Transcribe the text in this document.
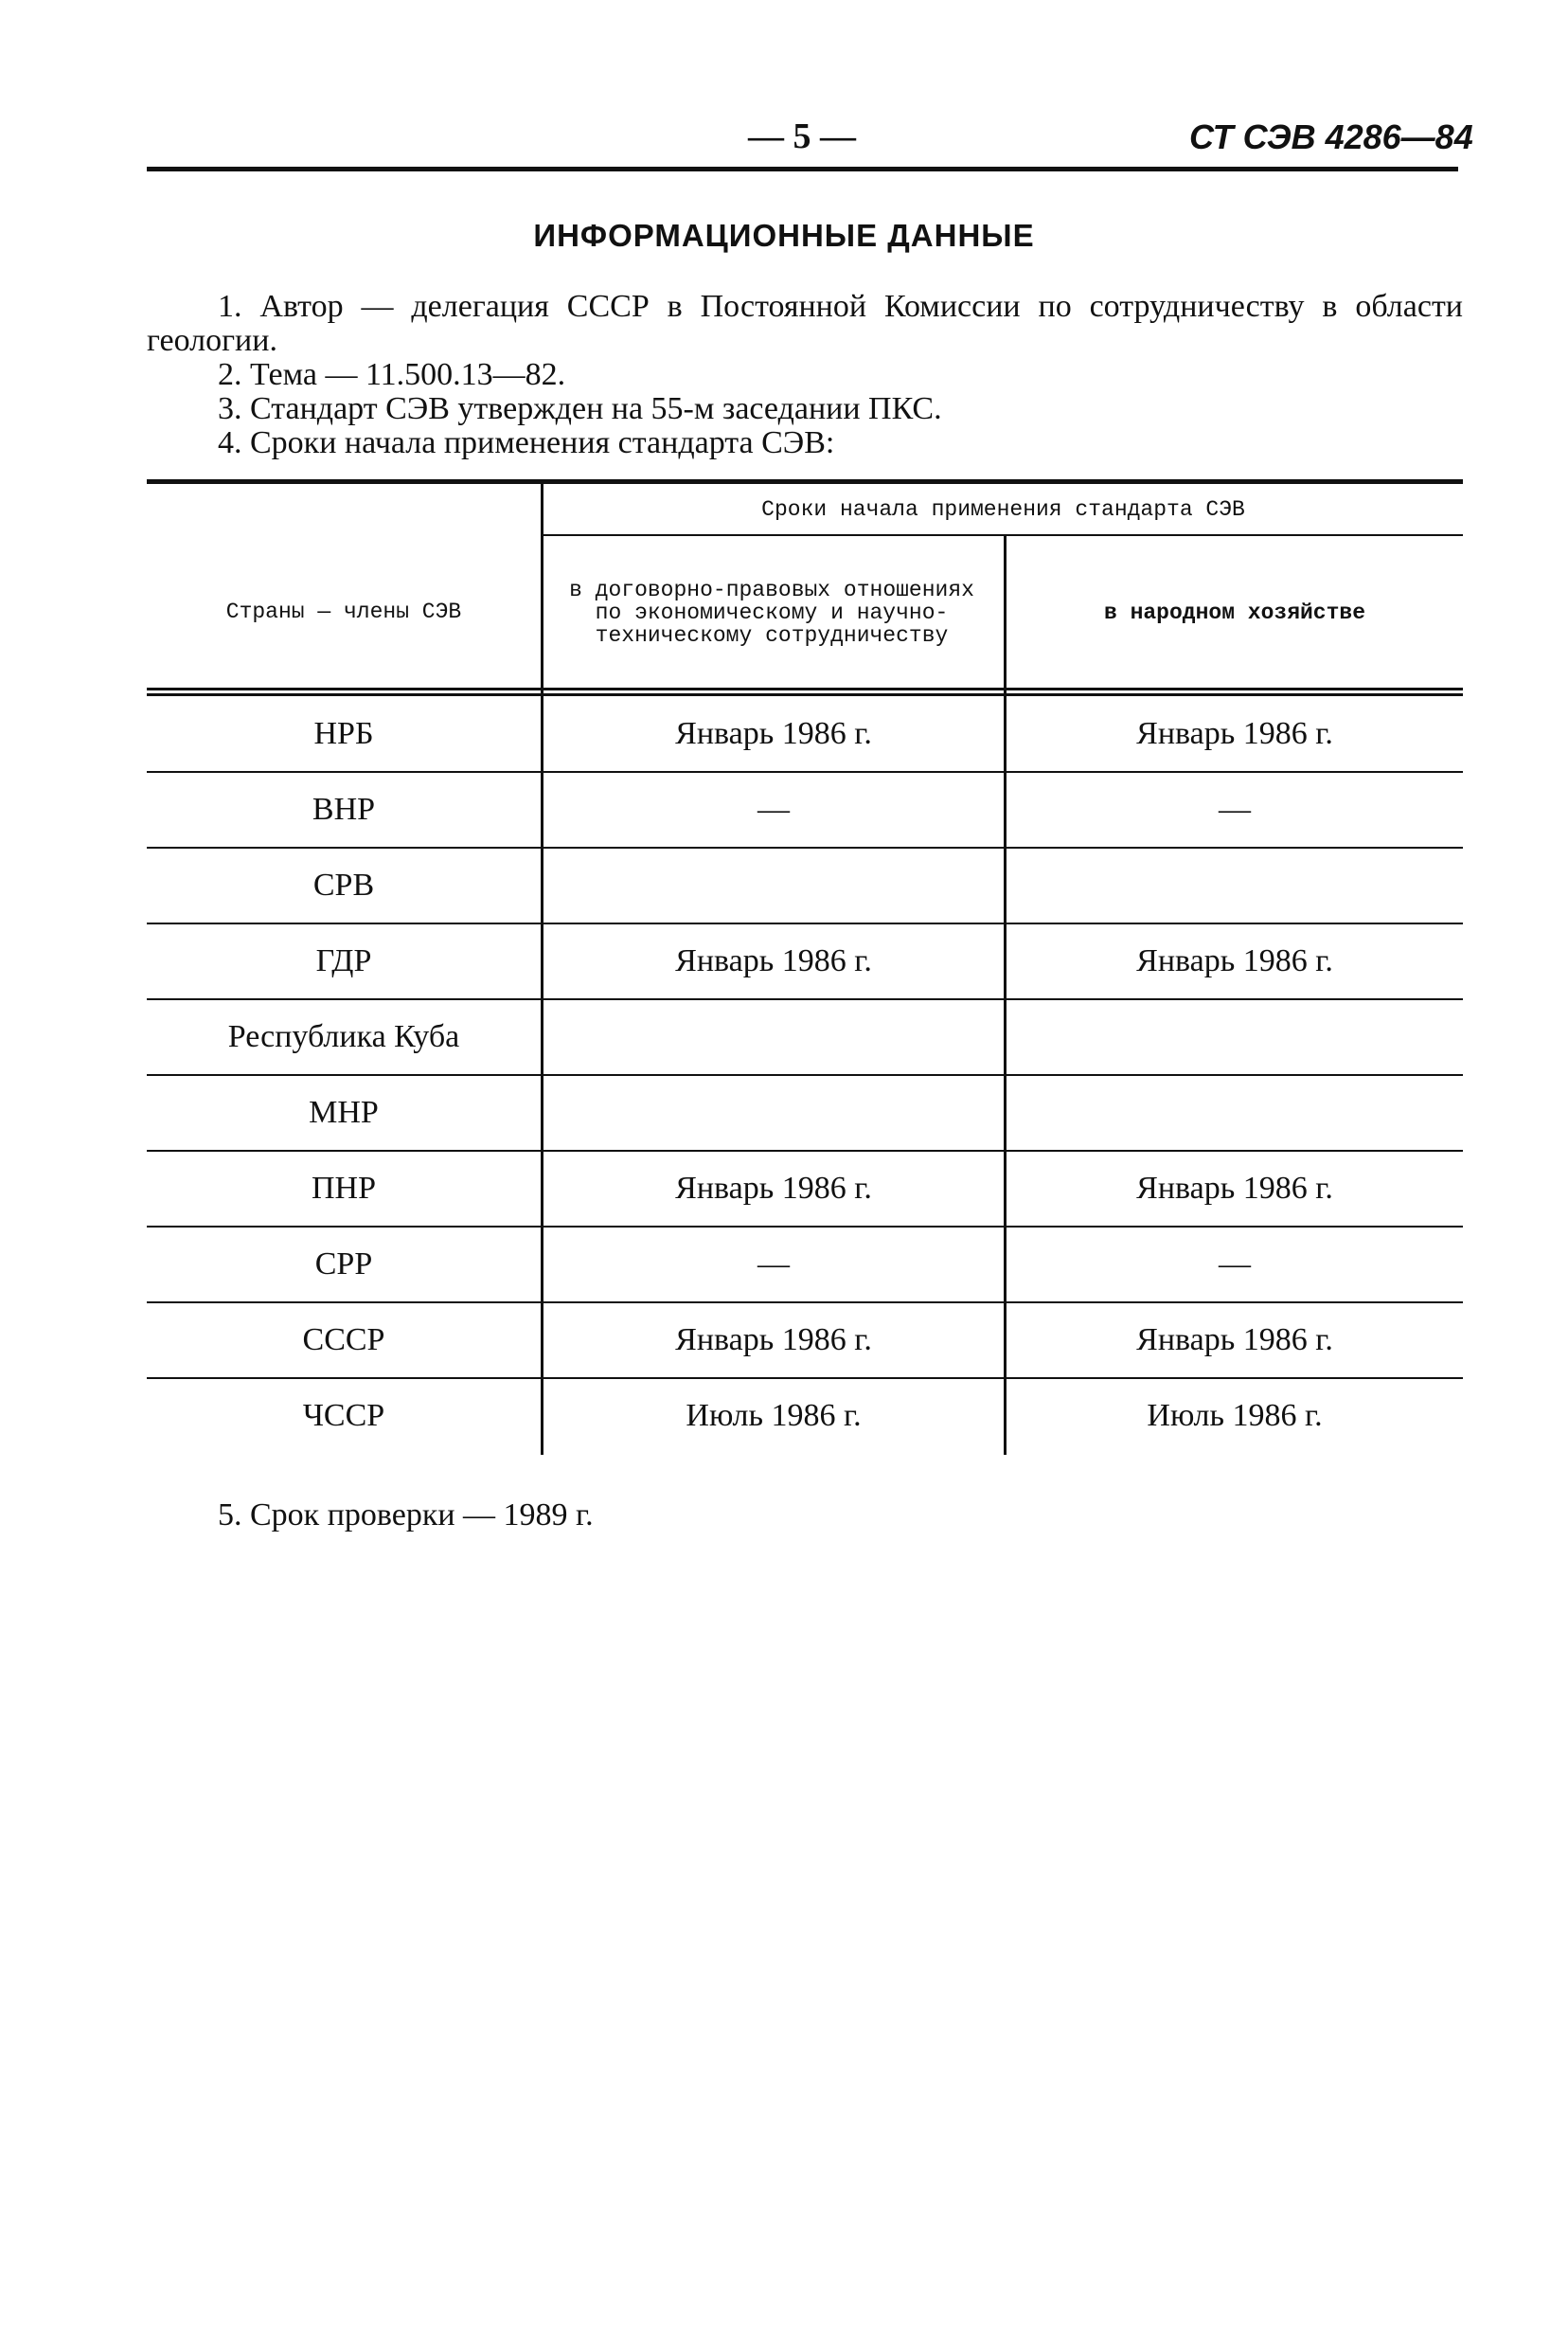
— 5 —	СТ СЭВ 4286—84
ИНФОРМАЦИОННЫЕ ДАННЫЕ
1. Автор — делегация СССР в Постоянной Комиссии по сотрудничеству в области геологии.
2. Тема — 11.500.13—82.
3. Стандарт СЭВ утвержден на 55-м заседании ПКС.
4. Сроки начала применения стандарта СЭВ:
Страны — члены СЭВ
Сроки начала применения стандарта СЭВ
в договорно-правовых отношениях по экономическому и научно-техническому сотрудничеству
в народном хозяйстве
НРБ	Январь 1986 г.	Январь 1986 г.
ВНР	—	—
СРВ
ГДР	Январь 1986 г.	Январь 1986 г.
Республика Куба
МНР
ПНР	Январь 1986 г.	Январь 1986 г.
СРР	—	—
СССР	Январь 1986 г.	Январь 1986 г.
ЧССР	Июль 1986 г.	Июль 1986 г.
5. Срок проверки — 1989 г.
